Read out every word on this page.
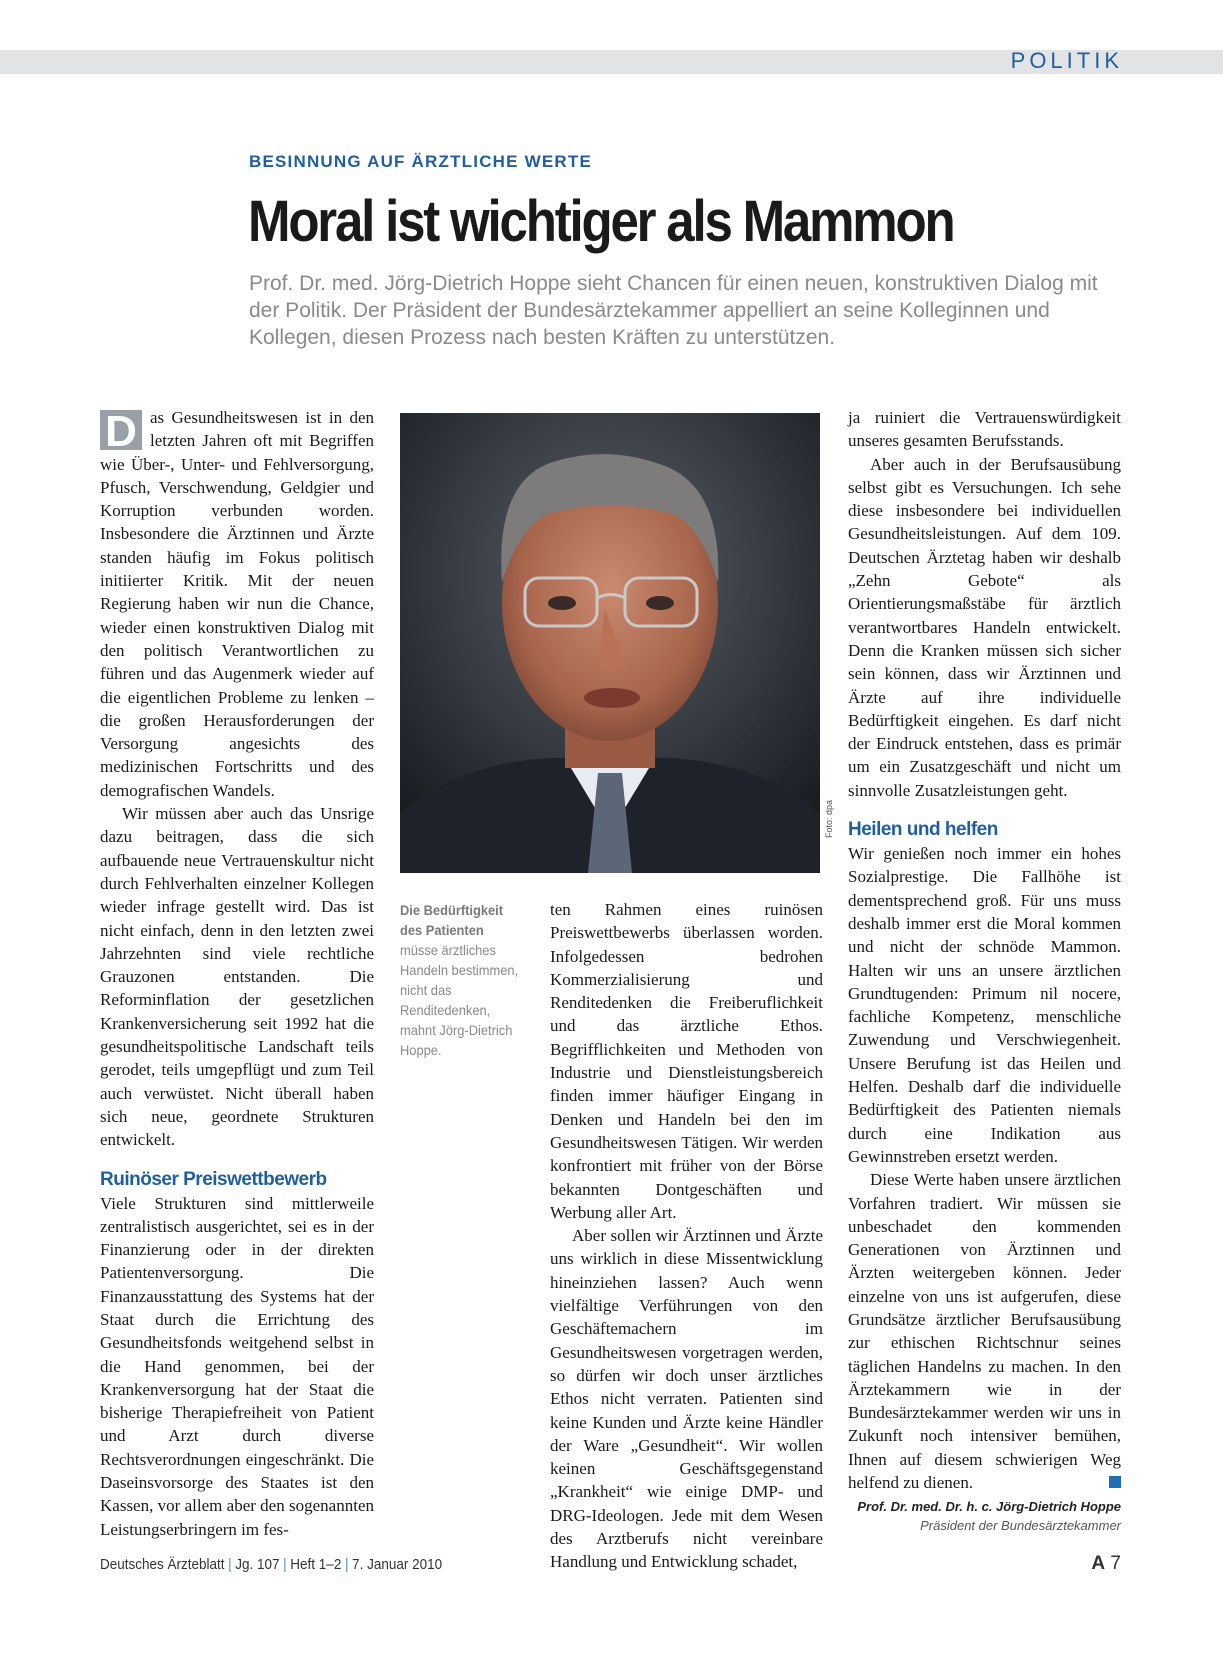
POLITIK
BESINNUNG AUF ÄRZTLICHE WERTE
Moral ist wichtiger als Mammon
Prof. Dr. med. Jörg-Dietrich Hoppe sieht Chancen für einen neuen, konstruktiven Dialog mit der Politik. Der Präsident der Bundesärztekammer appelliert an seine Kolleginnen und Kollegen, diesen Prozess nach besten Kräften zu unterstützen.

D as Gesundheitswesen ist in den letzten Jahren oft mit Begriffen wie Über-, Unter- und Fehlversorgung, Pfusch, Verschwendung, Geldgier und Korruption verbunden worden. Insbesondere die Ärztinnen und Ärzte standen häufig im Fokus politisch initiierter Kritik. Mit der neuen Regierung haben wir nun die Chance, wieder einen konstruktiven Dialog mit den politisch Verantwortlichen zu führen und das Augenmerk wieder auf die eigentlichen Probleme zu lenken – die großen Herausforderungen der Versorgung angesichts des medizinischen Fortschritts und des demografischen Wandels.

Wir müssen aber auch das Unsrige dazu beitragen, dass die sich aufbauende neue Vertrauenskultur nicht durch Fehlverhalten einzelner Kollegen wieder infrage gestellt wird. Das ist nicht einfach, denn in den letzten zwei Jahrzehnten sind viele rechtliche Grauzonen entstanden. Die Reforminflation der gesetzlichen Krankenversicherung seit 1992 hat die gesundheitspolitische Landschaft teils gerodet, teils umgepflügt und zum Teil auch verwüstet. Nicht überall haben sich neue, geordnete Strukturen entwickelt.

Ruinöser Preiswettbewerb

Viele Strukturen sind mittlerweile zentralistisch ausgerichtet, sei es in der Finanzierung oder in der direkten Patientenversorgung. Die Finanzausstattung des Systems hat der Staat durch die Errichtung des Gesundheitsfonds weitgehend selbst in die Hand genommen, bei der Krankenversorgung hat der Staat die bisherige Therapiefreiheit von Patient und Arzt durch diverse Rechtsverordnungen eingeschränkt. Die Daseinsvorsorge des Staates ist den Kassen, vor allem aber den sogenannten Leistungserbringern im fes-

Foto: dpa
Die Bedürftigkeit des Patienten müsse ärztliches Handeln bestimmen, nicht das Renditedenken, mahnt Jörg-Dietrich Hoppe.

ten Rahmen eines ruinösen Preiswettbewerbs überlassen worden. Infolgedessen bedrohen Kommerzialisierung und Renditedenken die Freiberuflichkeit und das ärztliche Ethos. Begrifflichkeiten und Methoden von Industrie und Dienstleistungsbereich finden immer häufiger Eingang in Denken und Handeln bei den im Gesundheitswesen Tätigen. Wir werden konfrontiert mit früher von der Börse bekannten Dontgeschäften und Werbung aller Art.

Aber sollen wir Ärztinnen und Ärzte uns wirklich in diese Missentwicklung hineinziehen lassen? Auch wenn vielfältige Verführungen von den Geschäftemachern im Gesundheitswesen vorgetragen werden, so dürfen wir doch unser ärztliches Ethos nicht verraten. Patienten sind keine Kunden und Ärzte keine Händler der Ware „Gesundheit“. Wir wollen keinen Geschäftsgegenstand „Krankheit“ wie einige DMP- und DRG-Ideologen. Jede mit dem Wesen des Arztberufs nicht vereinbare Handlung und Entwicklung schadet,

ja ruiniert die Vertrauenswürdigkeit unseres gesamten Berufsstands.

Aber auch in der Berufsausübung selbst gibt es Versuchungen. Ich sehe diese insbesondere bei individuellen Gesundheitsleistungen. Auf dem 109. Deutschen Ärztetag haben wir deshalb „Zehn Gebote“ als Orientierungsmaßstäbe für ärztlich verantwortbares Handeln entwickelt. Denn die Kranken müssen sich sicher sein können, dass wir Ärztinnen und Ärzte auf ihre individuelle Bedürftigkeit eingehen. Es darf nicht der Eindruck entstehen, dass es primär um ein Zusatzgeschäft und nicht um sinnvolle Zusatzleistungen geht.

Heilen und helfen

Wir genießen noch immer ein hohes Sozialprestige. Die Fallhöhe ist dementsprechend groß. Für uns muss deshalb immer erst die Moral kommen und nicht der schnöde Mammon. Halten wir uns an unsere ärztlichen Grundtugenden: Primum nil nocere, fachliche Kompetenz, menschliche Zuwendung und Verschwiegenheit. Unsere Berufung ist das Heilen und Helfen. Deshalb darf die individuelle Bedürftigkeit des Patienten niemals durch eine Indikation aus Gewinnstreben ersetzt werden.

Diese Werte haben unsere ärztlichen Vorfahren tradiert. Wir müssen sie unbeschadet den kommenden Generationen von Ärztinnen und Ärzten weitergeben können. Jeder einzelne von uns ist aufgerufen, diese Grundsätze ärztlicher Berufsausübung zur ethischen Richtschnur seines täglichen Handelns zu machen. In den Ärztekammern wie in der Bundesärztekammer werden wir uns in Zukunft noch intensiver bemühen, Ihnen auf diesem schwierigen Weg helfend zu dienen.

Prof. Dr. med. Dr. h. c. Jörg-Dietrich Hoppe
Präsident der Bundesärztekammer
Deutsches Ärzteblatt | Jg. 107 | Heft 1–2 | 7. Januar 2010	A 7
